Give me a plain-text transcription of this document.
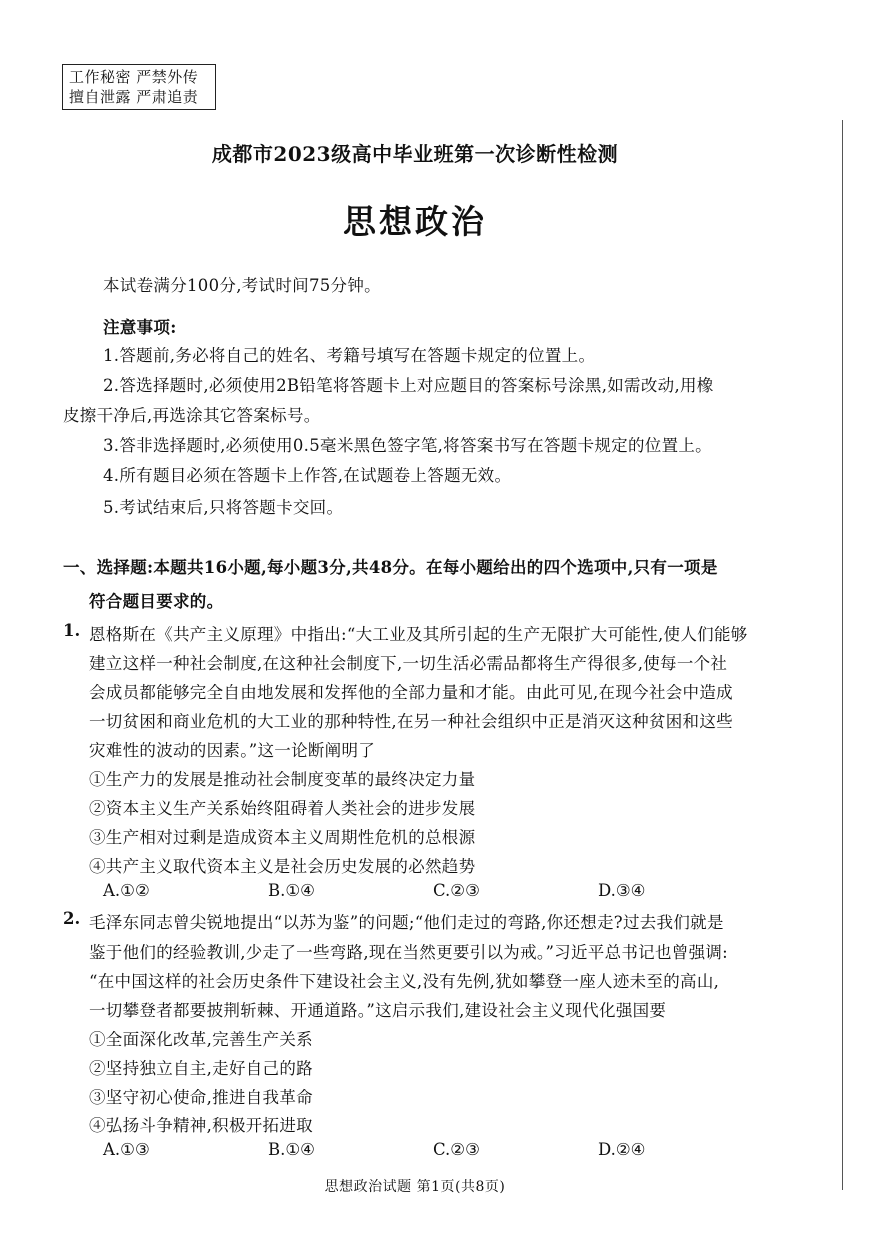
工作秘密 严禁外传
擅自泄露 严肃追责
成都市2023级高中毕业班第一次诊断性检测
思想政治
本试卷满分100分,考试时间75分钟。
注意事项:
1.答题前,务必将自己的姓名、考籍号填写在答题卡规定的位置上。
2.答选择题时,必须使用2B铅笔将答题卡上对应题目的答案标号涂黑,如需改动,用橡
皮擦干净后,再选涂其它答案标号。
3.答非选择题时,必须使用0.5毫米黑色签字笔,将答案书写在答题卡规定的位置上。
4.所有题目必须在答题卡上作答,在试题卷上答题无效。
5.考试结束后,只将答题卡交回。
一、选择题:本题共16小题,每小题3分,共48分。在每小题给出的四个选项中,只有一项是
符合题目要求的。
1. 恩格斯在《共产主义原理》中指出:“大工业及其所引起的生产无限扩大可能性,使人们能够
建立这样一种社会制度,在这种社会制度下,一切生活必需品都将生产得很多,使每一个社
会成员都能够完全自由地发展和发挥他的全部力量和才能。由此可见,在现今社会中造成
一切贫困和商业危机的大工业的那种特性,在另一种社会组织中正是消灭这种贫困和这些
灾难性的波动的因素。”这一论断阐明了
①生产力的发展是推动社会制度变革的最终决定力量
②资本主义生产关系始终阻碍着人类社会的进步发展
③生产相对过剩是造成资本主义周期性危机的总根源
④共产主义取代资本主义是社会历史发展的必然趋势
A.①②	B.①④	C.②③	D.③④
2. 毛泽东同志曾尖锐地提出“以苏为鉴”的问题;“他们走过的弯路,你还想走?过去我们就是
鉴于他们的经验教训,少走了一些弯路,现在当然更要引以为戒。”习近平总书记也曾强调:
“在中国这样的社会历史条件下建设社会主义,没有先例,犹如攀登一座人迹未至的高山,
一切攀登者都要披荆斩棘、开通道路。”这启示我们,建设社会主义现代化强国要
①全面深化改革,完善生产关系
②坚持独立自主,走好自己的路
③坚守初心使命,推进自我革命
④弘扬斗争精神,积极开拓进取
A.①③	B.①④	C.②③	D.②④
思想政治试题 第1页(共8页)
